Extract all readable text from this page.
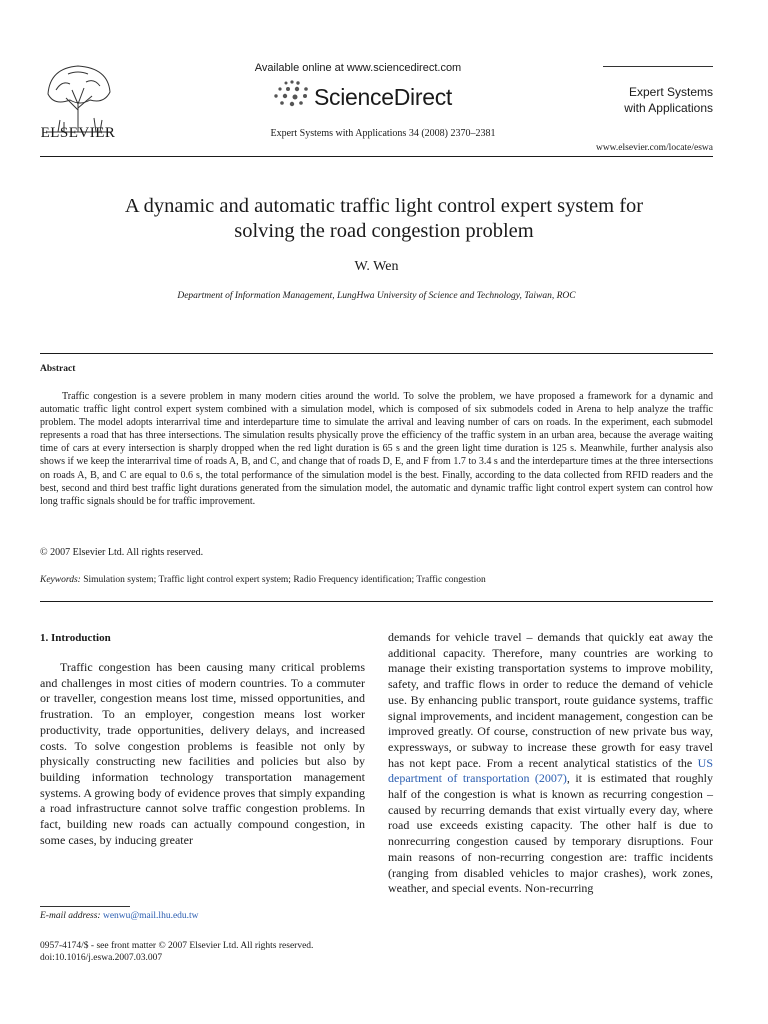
ELSEVIER
Available online at www.sciencedirect.com
ScienceDirect
Expert Systems with Applications 34 (2008) 2370–2381
Expert Systems
with Applications
www.elsevier.com/locate/eswa
A dynamic and automatic traffic light control expert system for
solving the road congestion problem
W. Wen
Department of Information Management, LungHwa University of Science and Technology, Taiwan, ROC
Abstract

Traffic congestion is a severe problem in many modern cities around the world. To solve the problem, we have proposed a framework for a dynamic and automatic traffic light control expert system combined with a simulation model, which is composed of six submodels coded in Arena to help analyze the traffic problem. The model adopts interarrival time and interdeparture time to simulate the arrival and leaving number of cars on roads. In the experiment, each submodel represents a road that has three intersections. The simulation results physically prove the efficiency of the traffic system in an urban area, because the average waiting time of cars at every intersection is sharply dropped when the red light duration is 65 s and the green light time duration is 125 s. Meanwhile, further analysis also shows if we keep the interarrival time of roads A, B, and C, and change that of roads D, E, and F from 1.7 to 3.4 s and the interdeparture times at the three intersections on roads A, B, and C are equal to 0.6 s, the total performance of the simulation model is the best. Finally, according to the data collected from RFID readers and the best, second and third best traffic light durations generated from the simulation model, the automatic and dynamic traffic light control expert system can control how long traffic signals should be for traffic improvement.

© 2007 Elsevier Ltd. All rights reserved.
Keywords: Simulation system; Traffic light control expert system; Radio Frequency identification; Traffic congestion
1. Introduction

Traffic congestion has been causing many critical problems and challenges in most cities of modern countries. To a commuter or traveller, congestion means lost time, missed opportunities, and frustration. To an employer, congestion means lost worker productivity, trade opportunities, delivery delays, and increased costs. To solve congestion problems is feasible not only by physically constructing new facilities and policies but also by building information technology transportation management systems. A growing body of evidence proves that simply expanding a road infrastructure cannot solve traffic congestion problems. In fact, building new roads can actually compound congestion, in some cases, by inducing greater

demands for vehicle travel – demands that quickly eat away the additional capacity. Therefore, many countries are working to manage their existing transportation systems to improve mobility, safety, and traffic flows in order to reduce the demand of vehicle use. By enhancing public transport, route guidance systems, traffic signal improvements, and incident management, congestion can be improved greatly. Of course, construction of new private bus way, expressways, or subway to increase these growth for easy travel has not kept pace. From a recent analytical statistics of the US department of transportation (2007), it is estimated that roughly half of the congestion is what is known as recurring congestion – caused by recurring demands that exist virtually every day, where road use exceeds existing capacity. The other half is due to nonrecurring congestion caused by temporary disruptions. Four main reasons of non-recurring congestion are: traffic incidents (ranging from disabled vehicles to major crashes), work zones, weather, and special events. Non-recurring

E-mail address: wenwu@mail.lhu.edu.tw
0957-4174/$ - see front matter © 2007 Elsevier Ltd. All rights reserved.
doi:10.1016/j.eswa.2007.03.007
